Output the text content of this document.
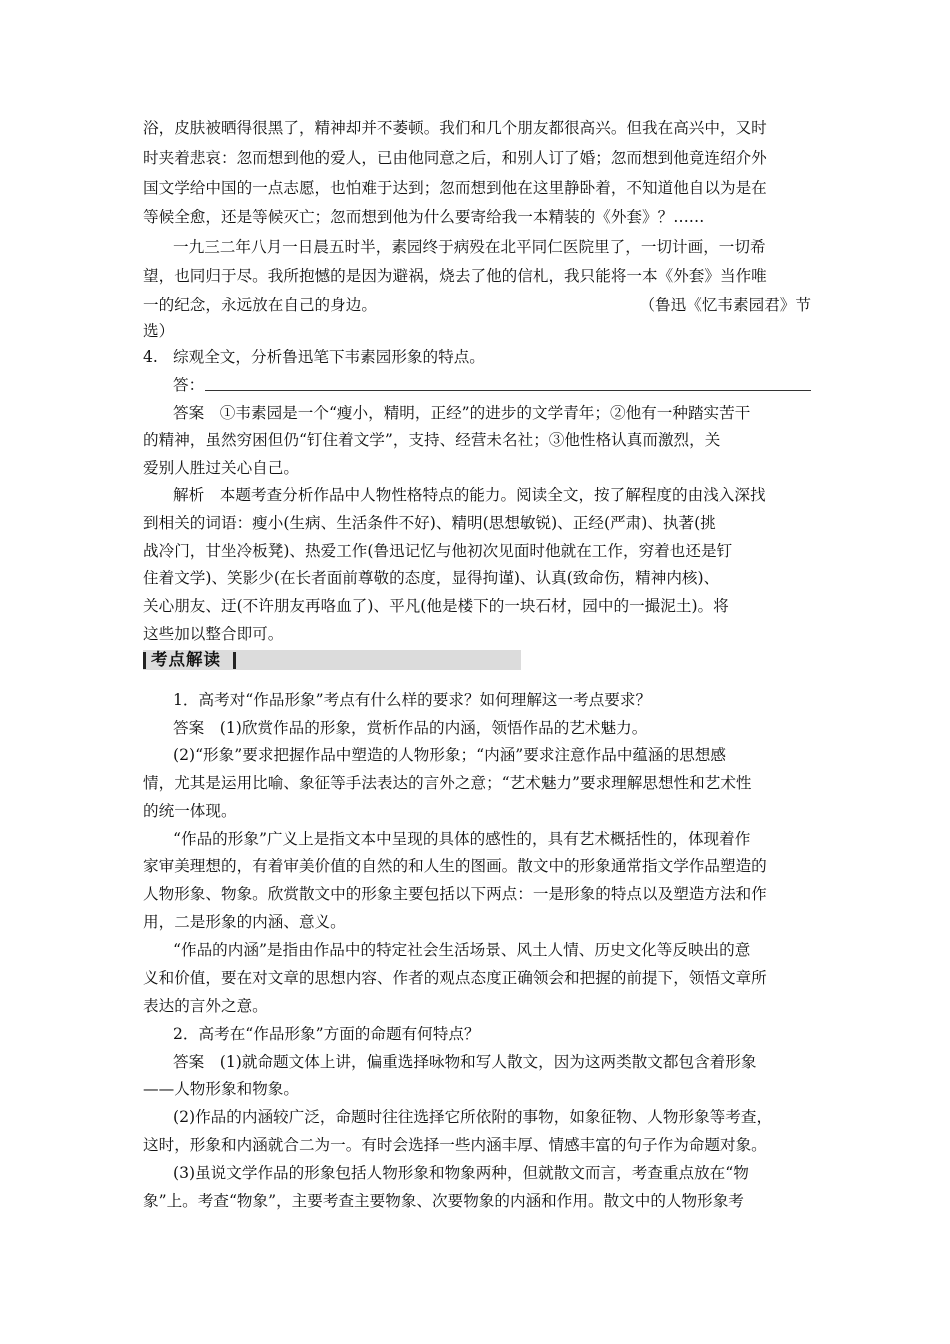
浴，皮肤被晒得很黑了，精神却并不萎顿。我们和几个朋友都很高兴。但我在高兴中，又时
时夹着悲哀：忽而想到他的爱人，已由他同意之后，和别人订了婚；忽而想到他竟连绍介外
国文学给中国的一点志愿，也怕难于达到；忽而想到他在这里静卧着，不知道他自以为是在
等候全愈，还是等候灭亡；忽而想到他为什么要寄给我一本精装的《外套》？……
一九三二年八月一日晨五时半，素园终于病殁在北平同仁医院里了，一切计画，一切希
望，也同归于尽。我所抱憾的是因为避祸，烧去了他的信札，我只能将一本《外套》当作唯
一的纪念，永远放在自己的身边。	（鲁迅《忆韦素园君》节
选）
4. 综观全文，分析鲁迅笔下韦素园形象的特点。
答：
答案　①韦素园是一个“瘦小，精明，正经”的进步的文学青年；②他有一种踏实苦干
的精神，虽然穷困但仍“钉住着文学”，支持、经营未名社；③他性格认真而激烈，关
爱别人胜过关心自己。
解析　本题考查分析作品中人物性格特点的能力。阅读全文，按了解程度的由浅入深找
到相关的词语：瘦小(生病、生活条件不好)、精明(思想敏锐)、正经(严肃)、执著(挑
战冷门，甘坐冷板凳)、热爱工作(鲁迅记忆与他初次见面时他就在工作，穷着也还是钉
住着文学)、笑影少(在长者面前尊敬的态度，显得拘谨)、认真(致命伤，精神内核)、
关心朋友、迂(不许朋友再咯血了)、平凡(他是楼下的一块石材，园中的一撮泥土)。将
这些加以整合即可。
考点解读
1．高考对“作品形象”考点有什么样的要求？如何理解这一考点要求？
答案　(1)欣赏作品的形象，赏析作品的内涵，领悟作品的艺术魅力。
(2)“形象”要求把握作品中塑造的人物形象；“内涵”要求注意作品中蕴涵的思想感
情，尤其是运用比喻、象征等手法表达的言外之意；“艺术魅力”要求理解思想性和艺术性
的统一体现。
“作品的形象”广义上是指文本中呈现的具体的感性的，具有艺术概括性的，体现着作
家审美理想的，有着审美价值的自然的和人生的图画。散文中的形象通常指文学作品塑造的
人物形象、物象。欣赏散文中的形象主要包括以下两点：一是形象的特点以及塑造方法和作
用，二是形象的内涵、意义。
“作品的内涵”是指由作品中的特定社会生活场景、风土人情、历史文化等反映出的意
义和价值，要在对文章的思想内容、作者的观点态度正确领会和把握的前提下，领悟文章所
表达的言外之意。
2．高考在“作品形象”方面的命题有何特点？
答案　(1)就命题文体上讲，偏重选择咏物和写人散文，因为这两类散文都包含着形象
——人物形象和物象。
(2)作品的内涵较广泛，命题时往往选择它所依附的事物，如象征物、人物形象等考查，
这时，形象和内涵就合二为一。有时会选择一些内涵丰厚、情感丰富的句子作为命题对象。
(3)虽说文学作品的形象包括人物形象和物象两种，但就散文而言，考查重点放在“物
象”上。考查“物象”，主要考查主要物象、次要物象的内涵和作用。散文中的人物形象考
